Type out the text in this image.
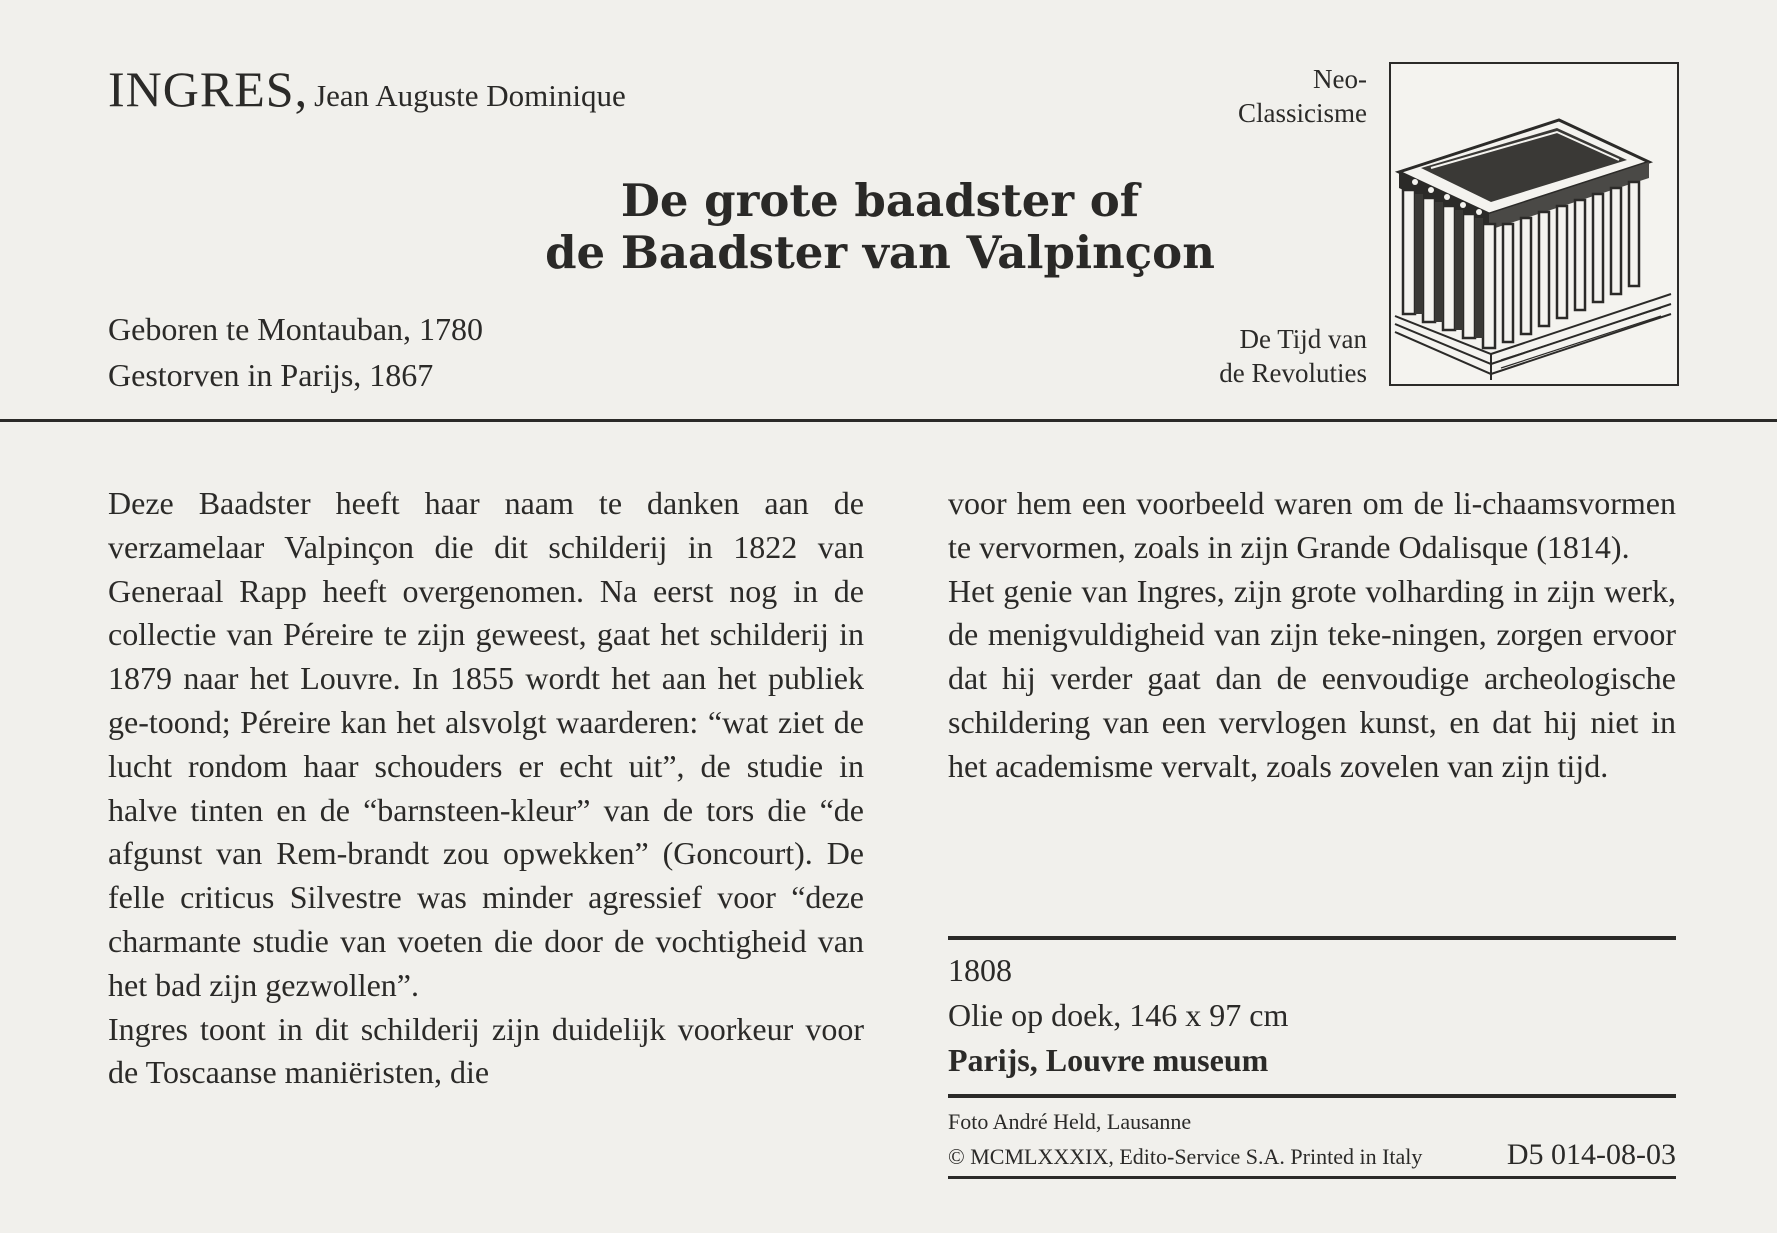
INGRES, Jean Auguste Dominique	Neo-
Classicisme
De grote baadster of
de Baadster van Valpinçon
Geboren te Montauban, 1780
Gestorven in Parijs, 1867
De Tijd van
de Revoluties

Deze Baadster heeft haar naam te danken aan de verzamelaar Valpinçon die dit schilderij in 1822 van Generaal Rapp heeft overgenomen. Na eerst nog in de collectie van Péreire te zijn geweest, gaat het schilderij in 1879 naar het Louvre. In 1855 wordt het aan het publiek ge-toond; Péreire kan het alsvolgt waarderen: “wat ziet de lucht rondom haar schouders er echt uit”, de studie in halve tinten en de “barnsteen-kleur” van de tors die “de afgunst van Rem-brandt zou opwekken” (Goncourt). De felle criticus Silvestre was minder agressief voor “deze charmante studie van voeten die door de vochtigheid van het bad zijn gezwollen”.

Ingres toont in dit schilderij zijn duidelijk voorkeur voor de Toscaanse maniëristen, die

voor hem een voorbeeld waren om de li-chaamsvormen te vervormen, zoals in zijn Grande Odalisque (1814).

Het genie van Ingres, zijn grote volharding in zijn werk, de menigvuldigheid van zijn teke-ningen, zorgen ervoor dat hij verder gaat dan de eenvoudige archeologische schildering van een vervlogen kunst, en dat hij niet in het academisme vervalt, zoals zovelen van zijn tijd.

1808
Olie op doek, 146 x 97 cm
Parijs, Louvre museum
Foto André Held, Lausanne
© MCMLXXXIX, Edito-Service S.A. Printed in Italy	D5 014-08-03
